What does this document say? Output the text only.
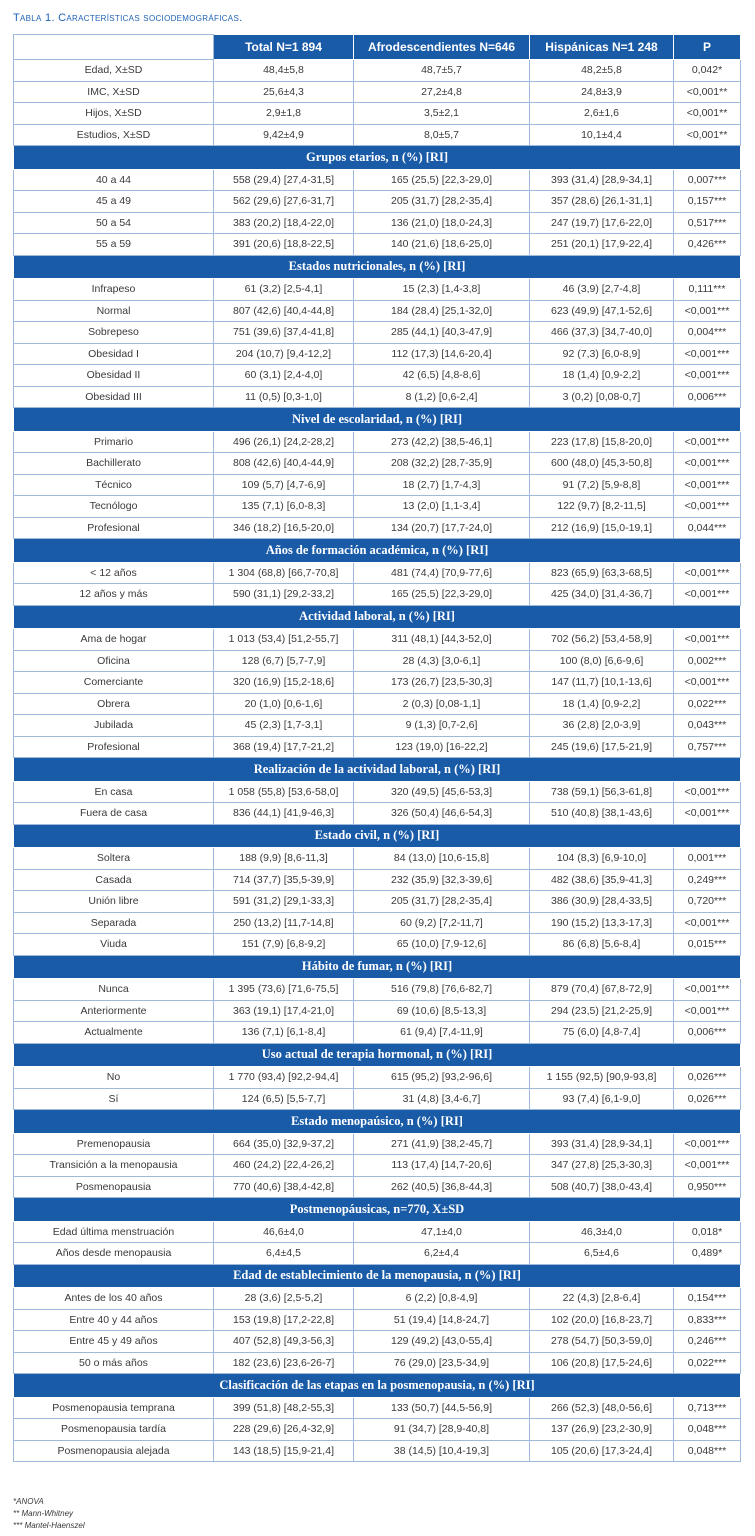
Tabla 1. Características sociodemográficas.
	Total N=1 894	Afrodescendientes N=646	Hispánicas N=1 248	P
Edad, X±SD	48,4±5,8	48,7±5,7	48,2±5,8	0,042*
IMC, X±SD	25,6±4,3	27,2±4,8	24,8±3,9	<0,001**
Hijos, X±SD	2,9±1,8	3,5±2,1	2,6±1,6	<0,001**
Estudios, X±SD	9,42±4,9	8,0±5,7	10,1±4,4	<0,001**
Grupos etarios, n (%) [RI]				
40 a 44	558 (29,4) [27,4-31,5]	165 (25,5) [22,3-29,0]	393 (31,4) [28,9-34,1]	0,007***
45 a 49	562 (29,6) [27,6-31,7]	205 (31,7) [28,2-35,4]	357 (28,6) [26,1-31,1]	0,157***
50 a 54	383 (20,2) [18,4-22,0]	136 (21,0) [18,0-24,3]	247 (19,7) [17,6-22,0]	0,517***
55 a 59	391 (20,6) [18,8-22,5]	140 (21,6) [18,6-25,0]	251 (20,1) [17,9-22,4]	0,426***
Estados nutricionales, n (%) [RI]				
Infrapeso	61 (3,2) [2,5-4,1]	15 (2,3) [1,4-3,8]	46 (3,9) [2,7-4,8]	0,111***
Normal	807 (42,6) [40,4-44,8]	184 (28,4) [25,1-32,0]	623 (49,9) [47,1-52,6]	<0,001***
Sobrepeso	751 (39,6) [37,4-41,8]	285 (44,1) [40,3-47,9]	466 (37,3) [34,7-40,0]	0,004***
Obesidad I	204 (10,7) [9,4-12,2]	112 (17,3) [14,6-20,4]	92 (7,3) [6,0-8,9]	<0,001***
Obesidad II	60 (3,1) [2,4-4,0]	42 (6,5) [4,8-8,6]	18 (1,4) [0,9-2,2]	<0,001***
Obesidad III	11 (0,5) [0,3-1,0]	8 (1,2) [0,6-2,4]	3 (0,2) [0,08-0,7]	0,006***
Nivel de escolaridad, n (%) [RI]				
Primario	496 (26,1) [24,2-28,2]	273 (42,2) [38,5-46,1]	223 (17,8) [15,8-20,0]	<0,001***
Bachillerato	808 (42,6) [40,4-44,9]	208 (32,2) [28,7-35,9]	600 (48,0) [45,3-50,8]	<0,001***
Técnico	109 (5,7) [4,7-6,9]	18 (2,7) [1,7-4,3]	91 (7,2) [5,9-8,8]	<0,001***
Tecnólogo	135 (7,1) [6,0-8,3]	13 (2,0) [1,1-3,4]	122 (9,7) [8,2-11,5]	<0,001***
Profesional	346 (18,2) [16,5-20,0]	134 (20,7) [17,7-24,0]	212 (16,9) [15,0-19,1]	0,044***
Años de formación académica, n (%) [RI]				
< 12 años	1 304 (68,8) [66,7-70,8]	481 (74,4) [70,9-77,6]	823 (65,9) [63,3-68,5]	<0,001***
12 años y más	590 (31,1) [29,2-33,2]	165 (25,5) [22,3-29,0]	425 (34,0) [31,4-36,7]	<0,001***
Actividad laboral, n (%) [RI]				
Ama de hogar	1 013 (53,4) [51,2-55,7]	311 (48,1) [44,3-52,0]	702 (56,2) [53,4-58,9]	<0,001***
Oficina	128 (6,7) [5,7-7,9]	28 (4,3) [3,0-6,1]	100 (8,0) [6,6-9,6]	0,002***
Comerciante	320 (16,9) [15,2-18,6]	173 (26,7) [23,5-30,3]	147 (11,7) [10,1-13,6]	<0,001***
Obrera	20 (1,0) [0,6-1,6]	2 (0,3) [0,08-1,1]	18 (1,4) [0,9-2,2]	0,022***
Jubilada	45 (2,3) [1,7-3,1]	9 (1,3) [0,7-2,6]	36 (2,8) [2,0-3,9]	0,043***
Profesional	368 (19,4) [17,7-21,2]	123 (19,0) [16-22,2]	245 (19,6) [17,5-21,9]	0,757***
Realización de la actividad laboral, n (%) [RI]				
En casa	1 058 (55,8) [53,6-58,0]	320 (49,5) [45,6-53,3]	738 (59,1) [56,3-61,8]	<0,001***
Fuera de casa	836 (44,1) [41,9-46,3]	326 (50,4) [46,6-54,3]	510 (40,8) [38,1-43,6]	<0,001***
Estado civil, n (%) [RI]				
Soltera	188 (9,9) [8,6-11,3]	84 (13,0) [10,6-15,8]	104 (8,3) [6,9-10,0]	0,001***
Casada	714 (37,7) [35,5-39,9]	232 (35,9) [32,3-39,6]	482 (38,6) [35,9-41,3]	0,249***
Unión libre	591 (31,2) [29,1-33,3]	205 (31,7) [28,2-35,4]	386 (30,9) [28,4-33,5]	0,720***
Separada	250 (13,2) [11,7-14,8]	60 (9,2) [7,2-11,7]	190 (15,2) [13,3-17,3]	<0,001***
Viuda	151 (7,9) [6,8-9,2]	65 (10,0) [7,9-12,6]	86 (6,8) [5,6-8,4]	0,015***
Hábito de fumar, n (%) [RI]				
Nunca	1 395 (73,6) [71,6-75,5]	516 (79,8) [76,6-82,7]	879 (70,4) [67,8-72,9]	<0,001***
Anteriormente	363 (19,1) [17,4-21,0]	69 (10,6) [8,5-13,3]	294 (23,5) [21,2-25,9]	<0,001***
Actualmente	136 (7,1) [6,1-8,4]	61 (9,4) [7,4-11,9]	75 (6,0) [4,8-7,4]	0,006***
Uso actual de terapia hormonal, n (%) [RI]				
No	1 770 (93,4) [92,2-94,4]	615 (95,2) [93,2-96,6]	1 155 (92,5) [90,9-93,8]	0,026***
Sí	124 (6,5) [5,5-7,7]	31 (4,8) [3,4-6,7]	93 (7,4) [6,1-9,0]	0,026***
Estado menopaúsico, n (%) [RI]				
Premenopausia	664 (35,0) [32,9-37,2]	271 (41,9) [38,2-45,7]	393 (31,4) [28,9-34,1]	<0,001***
Transición a la menopausia	460 (24,2) [22,4-26,2]	113 (17,4) [14,7-20,6]	347 (27,8) [25,3-30,3]	<0,001***
Posmenopausia	770 (40,6) [38,4-42,8]	262 (40,5) [36,8-44,3]	508 (40,7) [38,0-43,4]	0,950***
Postmenopáusicas, n=770, X±SD				
Edad última menstruación	46,6±4,0	47,1±4,0	46,3±4,0	0,018*
Años desde menopausia	6,4±4,5	6,2±4,4	6,5±4,6	0,489*
Edad de establecimiento de la menopausia, n (%) [RI]				
Antes de los 40 años	28 (3,6) [2,5-5,2]	6 (2,2) [0,8-4,9]	22 (4,3) [2,8-6,4]	0,154***
Entre 40 y 44 años	153 (19,8) [17,2-22,8]	51 (19,4) [14,8-24,7]	102 (20,0) [16,8-23,7]	0,833***
Entre 45 y 49 años	407 (52,8) [49,3-56,3]	129 (49,2) [43,0-55,4]	278 (54,7) [50,3-59,0]	0,246***
50 o más años	182 (23,6) [23,6-26-7]	76 (29,0) [23,5-34,9]	106 (20,8) [17,5-24,6]	0,022***
Clasificación de las etapas en la posmenopausia, n (%) [RI]				
Posmenopausia temprana	399 (51,8) [48,2-55,3]	133 (50,7) [44,5-56,9]	266 (52,3) [48,0-56,6]	0,713***
Posmenopausia tardía	228 (29,6) [26,4-32,9]	91 (34,7) [28,9-40,8]	137 (26,9) [23,2-30,9]	0,048***
Posmenopausia alejada	143 (18,5) [15,9-21,4]	38 (14,5) [10,4-19,3]	105 (20,6) [17,3-24,4]	0,048***
*ANOVA
** Mann-Whitney
*** Mantel-Haenszel
